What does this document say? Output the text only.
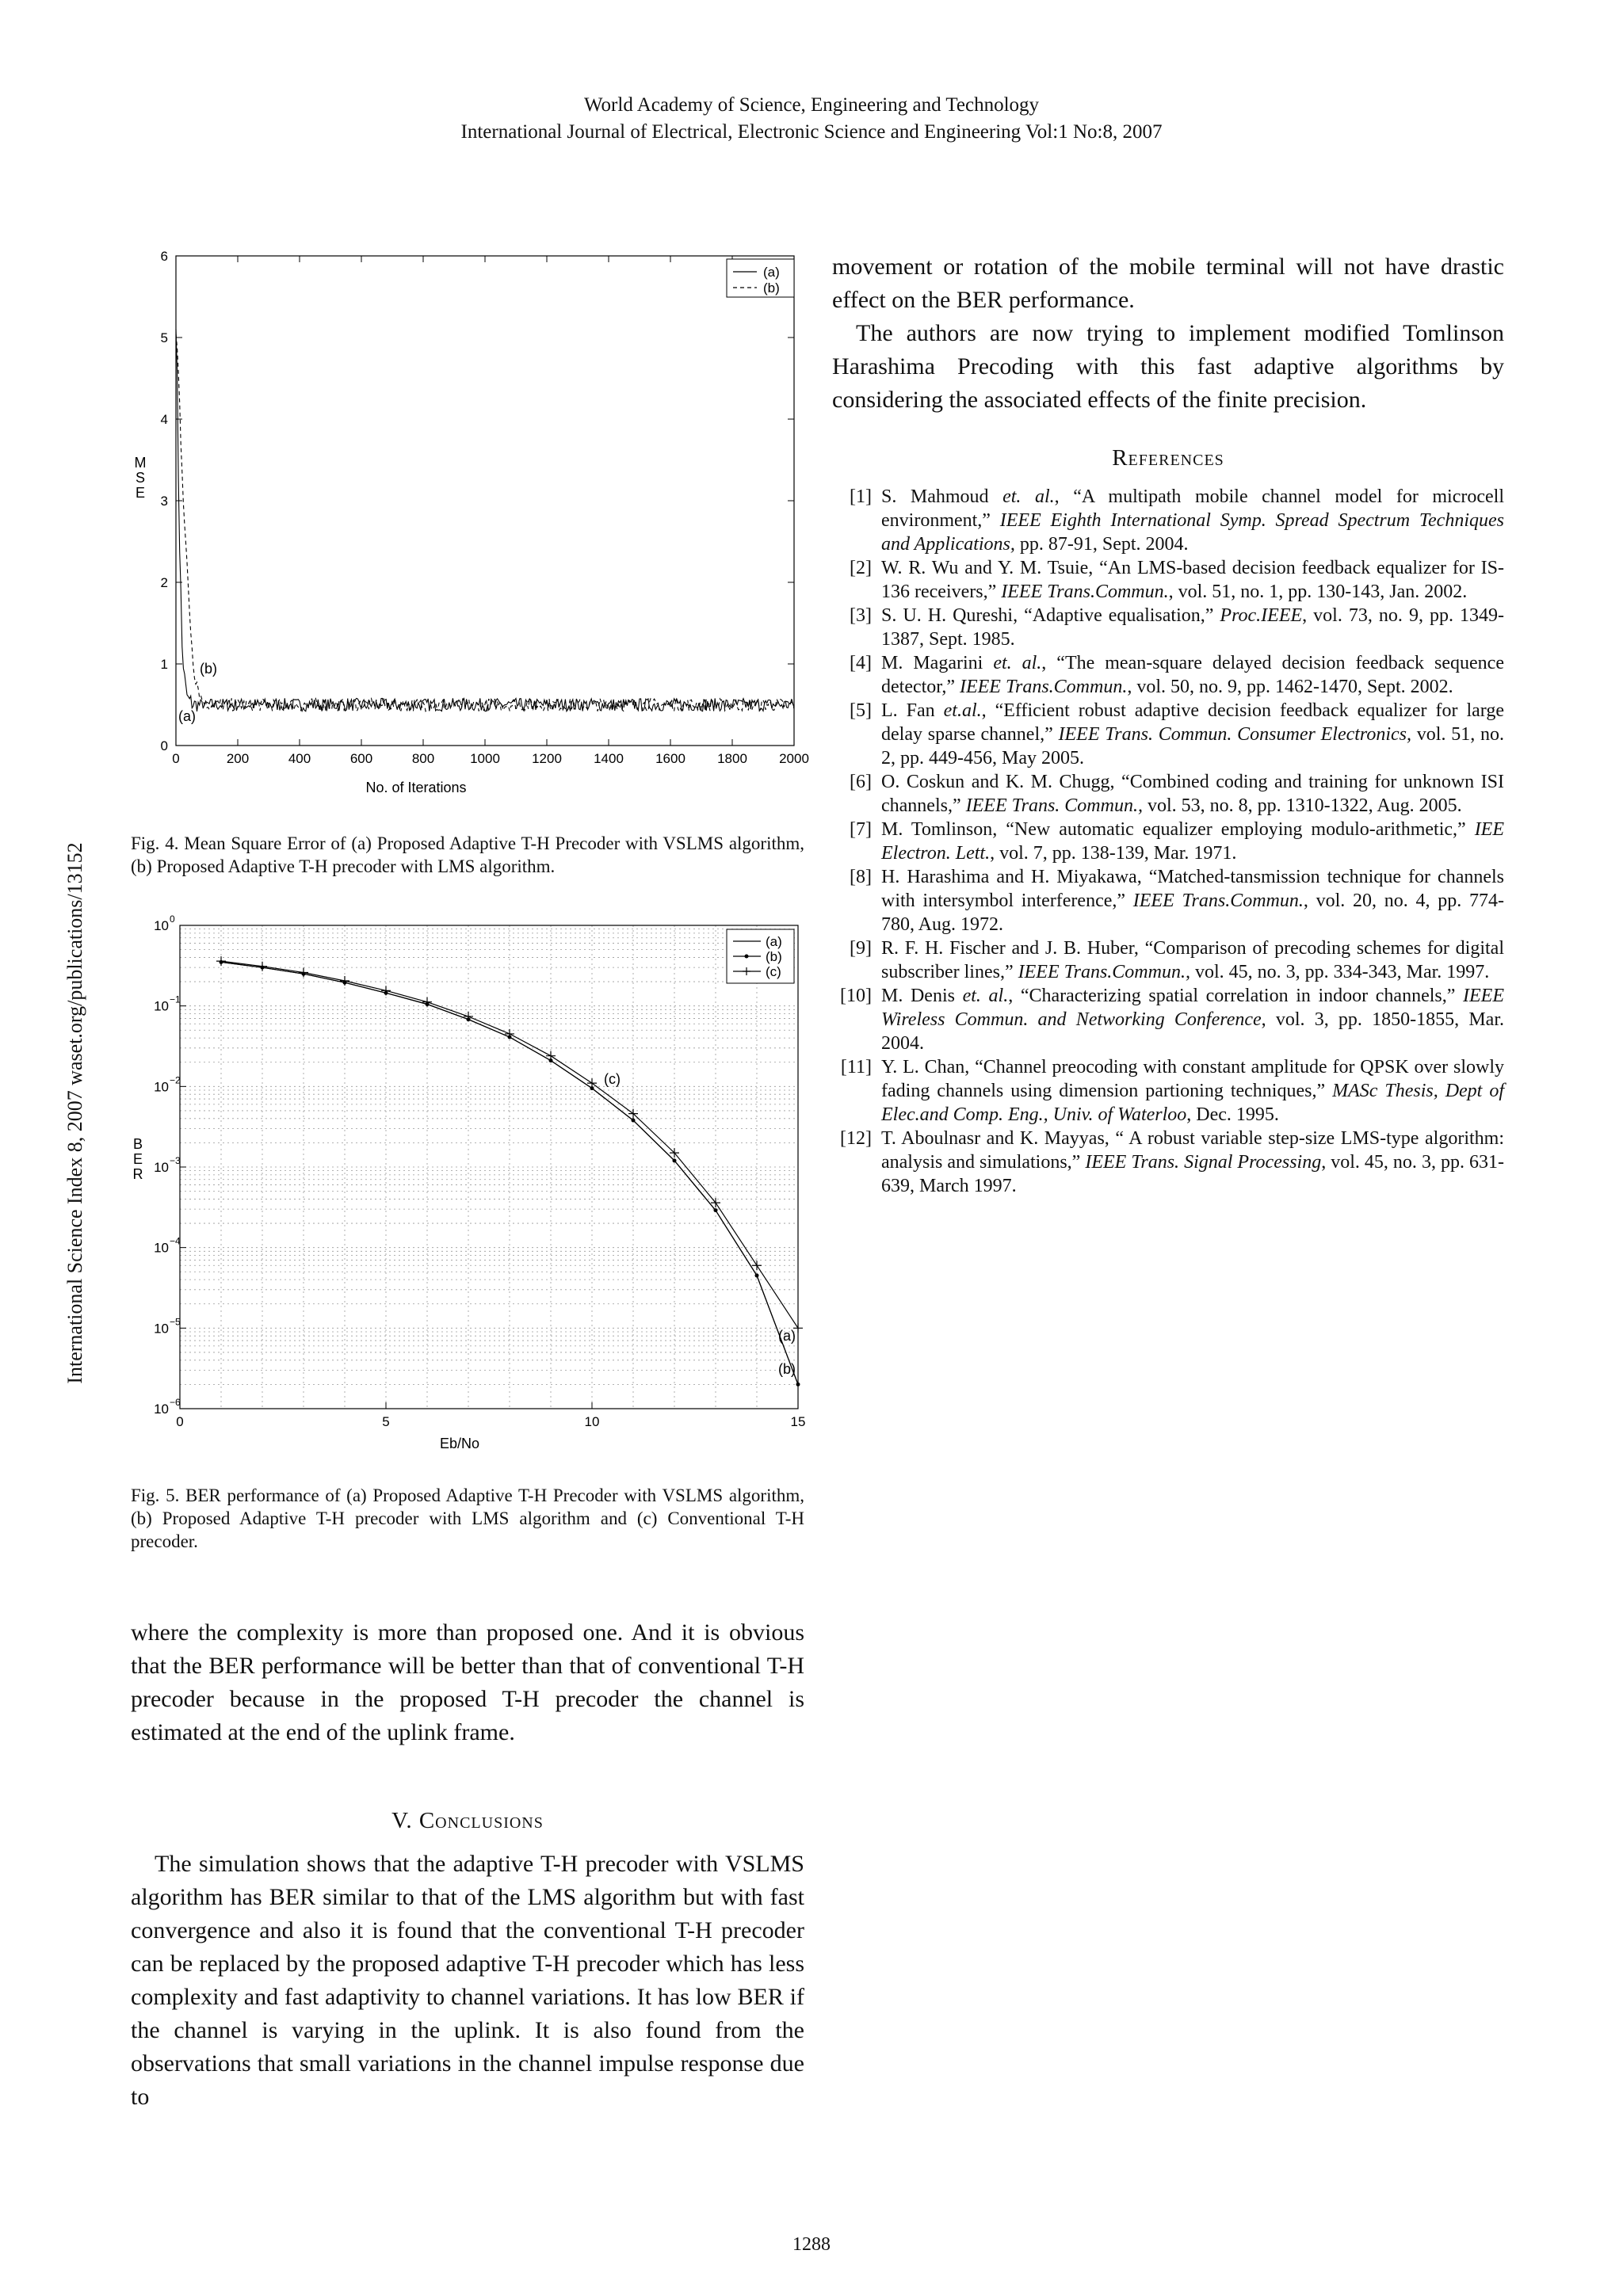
World Academy of Science, Engineering and Technology
International Journal of Electrical, Electronic Science and Engineering Vol:1 No:8, 2007
International Science Index 8, 2007 waset.org/publications/13152
0	200	400	600	800	1000 1200 1400 1600 1800 2000
0
1
2
3
4
5
6
M
S
E
No. of Iterations
(b)
(a)
(a)
(b)
Fig. 4. Mean Square Error of (a) Proposed Adaptive T-H Precoder with VSLMS algorithm, (b) Proposed Adaptive T-H precoder with LMS algorithm.
0	5	10	15
10 0
10 −1
10 −2
10 −3
10 −4
10 −5
10 −6
B
E
R
Eb/No
(c)
(a)
(b)
(a)
(b)
(c)
Fig. 5. BER performance of (a) Proposed Adaptive T-H Precoder with VSLMS algorithm, (b) Proposed Adaptive T-H precoder with LMS algorithm and (c) Conventional T-H precoder.

where the complexity is more than proposed one. And it is obvious that the BER performance will be better than that of conventional T-H precoder because in the proposed T-H precoder the channel is estimated at the end of the uplink frame.

V. Conclusions

The simulation shows that the adaptive T-H precoder with VSLMS algorithm has BER similar to that of the LMS algorithm but with fast convergence and also it is found that the conventional T-H precoder can be replaced by the proposed adaptive T-H precoder which has less complexity and fast adaptivity to channel variations. It has low BER if the channel is varying in the uplink. It is also found from the observations that small variations in the channel impulse response due to

movement or rotation of the mobile terminal will not have drastic effect on the BER performance.

The authors are now trying to implement modified Tomlinson Harashima Precoding with this fast adaptive algorithms by considering the associated effects of the finite precision.

References

[1] S. Mahmoud et. al., “A multipath mobile channel model for microcell environment,” IEEE Eighth International Symp. Spread Spectrum Techniques and Applications, pp. 87-91, Sept. 2004.

[2] W. R. Wu and Y. M. Tsuie, “An LMS-based decision feedback equalizer for IS-136 receivers,” IEEE Trans.Commun., vol. 51, no. 1, pp. 130-143, Jan. 2002.

[3] S. U. H. Qureshi, “Adaptive equalisation,” Proc.IEEE, vol. 73, no. 9, pp. 1349-1387, Sept. 1985.

[4] M. Magarini et. al., “The mean-square delayed decision feedback sequence detector,” IEEE Trans.Commun., vol. 50, no. 9, pp. 1462-1470, Sept. 2002.

[5] L. Fan et.al., “Efficient robust adaptive decision feedback equalizer for large delay sparse channel,” IEEE Trans. Commun. Consumer Electronics, vol. 51, no. 2, pp. 449-456, May 2005.

[6] O. Coskun and K. M. Chugg, “Combined coding and training for unknown ISI channels,” IEEE Trans. Commun., vol. 53, no. 8, pp. 1310-1322, Aug. 2005.

[7] M. Tomlinson, “New automatic equalizer employing modulo-arithmetic,” IEE Electron. Lett., vol. 7, pp. 138-139, Mar. 1971.

[8] H. Harashima and H. Miyakawa, “Matched-tansmission technique for channels with intersymbol interference,” IEEE Trans.Commun., vol. 20, no. 4, pp. 774-780, Aug. 1972.

[9] R. F. H. Fischer and J. B. Huber, “Comparison of precoding schemes for digital subscriber lines,” IEEE Trans.Commun., vol. 45, no. 3, pp. 334-343, Mar. 1997.

[10] M. Denis et. al., “Characterizing spatial correlation in indoor channels,” IEEE Wireless Commun. and Networking Conference, vol. 3, pp. 1850-1855, Mar. 2004.

[11] Y. L. Chan, “Channel preocoding with constant amplitude for QPSK over slowly fading channels using dimension partioning techniques,” MASc Thesis, Dept of Elec.and Comp. Eng., Univ. of Waterloo, Dec. 1995.

[12] T. Aboulnasr and K. Mayyas, “ A robust variable step-size LMS-type algorithm: analysis and simulations,” IEEE Trans. Signal Processing, vol. 45, no. 3, pp. 631-639, March 1997.

1288
